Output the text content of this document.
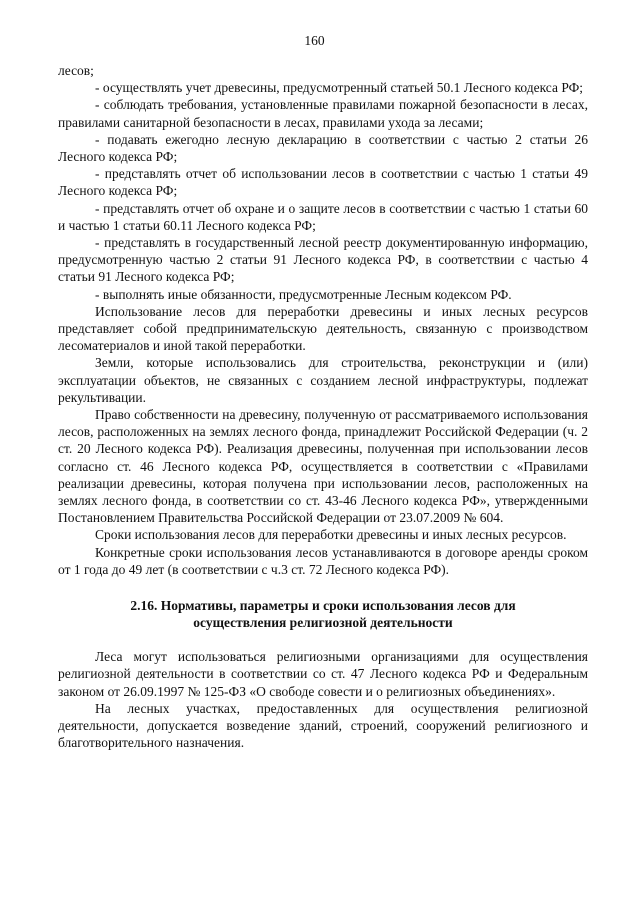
160

лесов;

- осуществлять учет древесины, предусмотренный статьей 50.1 Лесного кодекса РФ;

- соблюдать требования, установленные правилами пожарной безопасности в лесах, правилами санитарной безопасности в лесах, правилами ухода за лесами;

- подавать ежегодно лесную декларацию в соответствии с частью 2 статьи 26 Лесного кодекса РФ;

- представлять отчет об использовании лесов в соответствии с частью 1 статьи 49 Лесного кодекса РФ;

- представлять отчет об охране и о защите лесов в соответствии с частью 1 статьи 60 и частью 1 статьи 60.11 Лесного кодекса РФ;

- представлять в государственный лесной реестр документированную информацию, предусмотренную частью 2 статьи 91 Лесного кодекса РФ, в соответствии с частью 4 статьи 91 Лесного кодекса РФ;

- выполнять иные обязанности, предусмотренные Лесным кодексом РФ.

Использование лесов для переработки древесины и иных лесных ресурсов представляет собой предпринимательскую деятельность, связанную с производством лесоматериалов и иной такой переработки.

Земли, которые использовались для строительства, реконструкции и (или) эксплуатации объектов, не связанных с созданием лесной инфраструктуры, подлежат рекультивации.

Право собственности на древесину, полученную от рассматриваемого использования лесов, расположенных на землях лесного фонда, принадлежит Российской Федерации (ч. 2 ст. 20 Лесного кодекса РФ). Реализация древесины, полученная при использовании лесов согласно ст. 46 Лесного кодекса РФ, осуществляется в соответствии с «Правилами реализации древесины, которая получена при использовании лесов, расположенных на землях лесного фонда, в соответствии со ст. 43-46 Лесного кодекса РФ», утвержденными Постановлением Правительства Российской Федерации от 23.07.2009 № 604.

Сроки использования лесов для переработки древесины и иных лесных ресурсов.

Конкретные сроки использования лесов устанавливаются в договоре аренды сроком от 1 года до 49 лет (в соответствии с ч.3 ст. 72 Лесного кодекса РФ).

2.16. Нормативы, параметры и сроки использования лесов для
осуществления религиозной деятельности

Леса могут использоваться религиозными организациями для осуществления религиозной деятельности в соответствии со ст. 47 Лесного кодекса РФ и Федеральным законом от 26.09.1997 № 125-ФЗ «О свободе совести и о религиозных объединениях».

На лесных участках, предоставленных для осуществления религиозной деятельности, допускается возведение зданий, строений, сооружений религиозного и благотворительного назначения.
